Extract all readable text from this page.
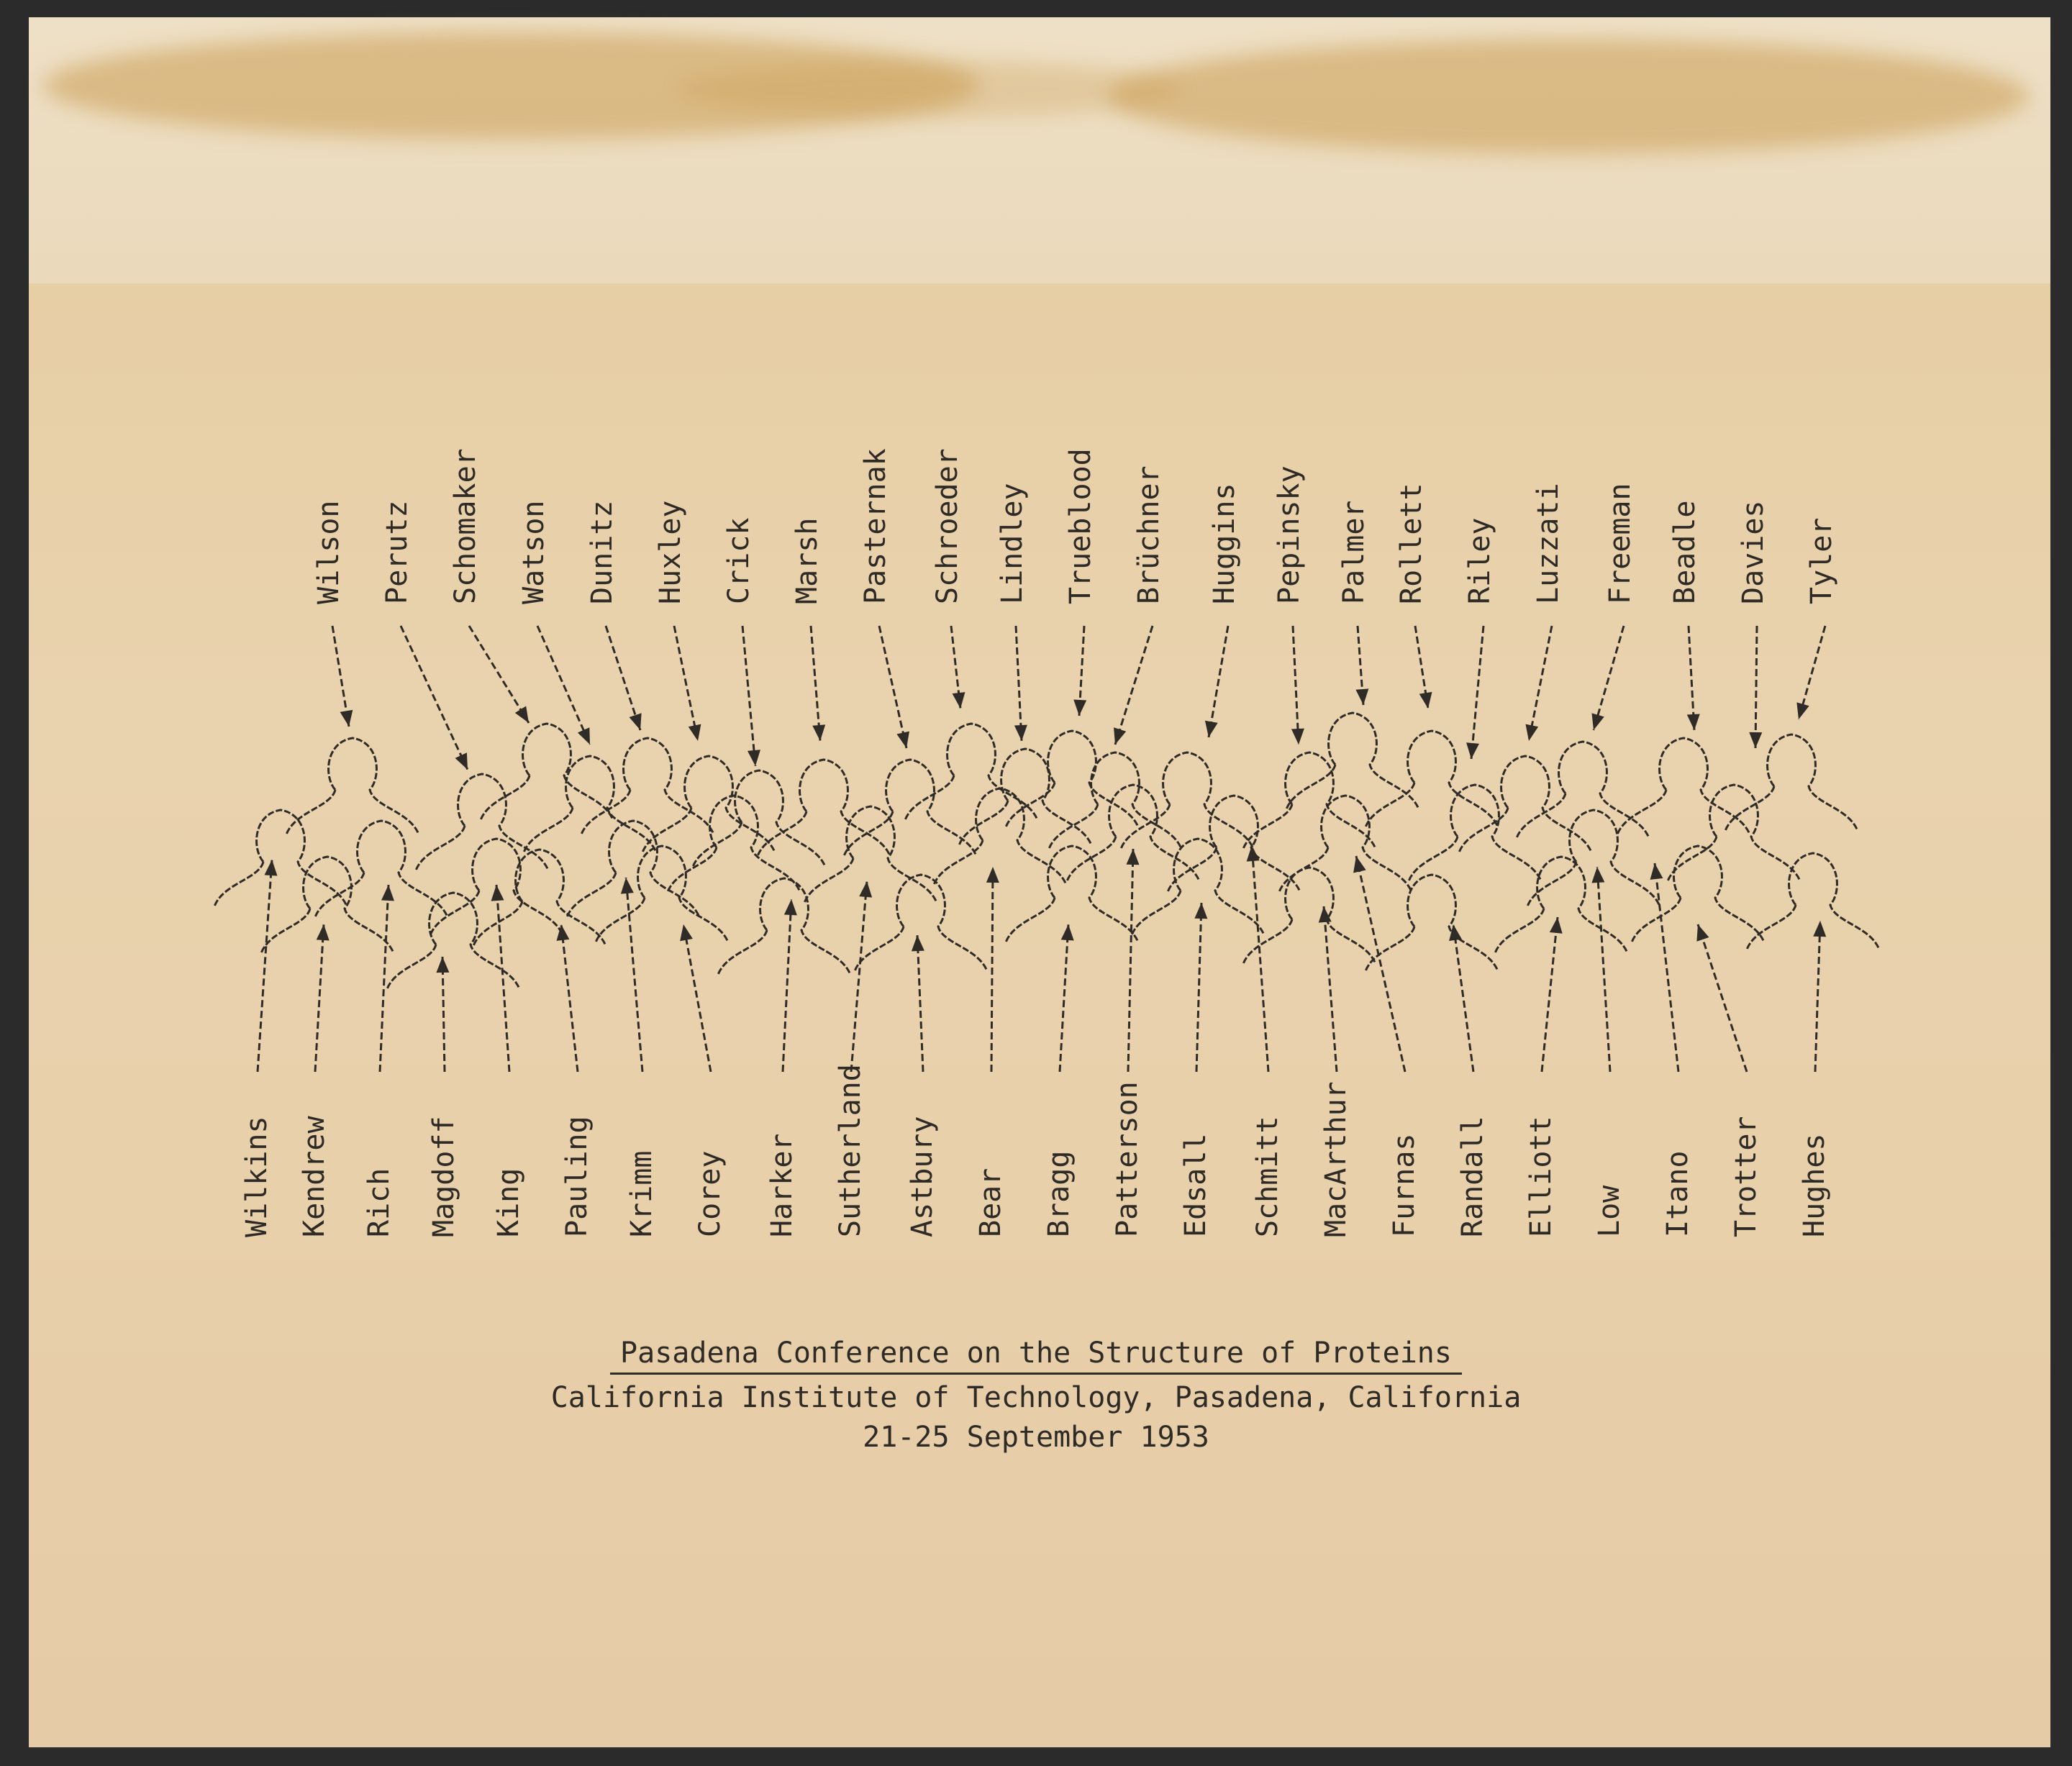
Wilson Perutz Schomaker Watson Dunitz Huxley Crick Marsh Pasternak Schroeder Lindley Trueblood Brüchner Huggins Pepinsky Palmer Rollett Riley Luzzati Freeman Beadle Davies Tyler
Wilkins Kendrew Rich Magdoff King Pauling Krimm Corey Harker Sutherland Astbury Bear Bragg Patterson Edsall Schmitt MacArthur Furnas Randall Elliott Low Itano Trotter Hughes
Pasadena Conference on the Structure of Proteins
California Institute of Technology, Pasadena, California
21-25 September 1953
